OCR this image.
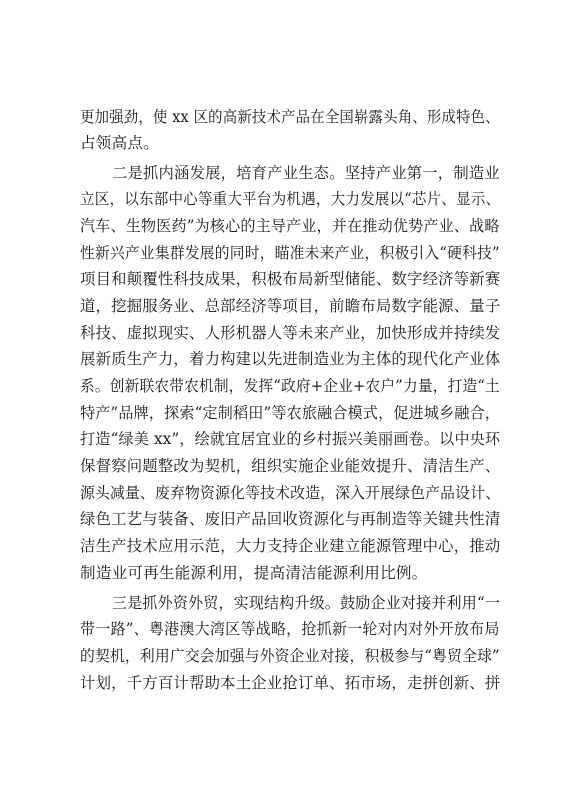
更加强劲，使 xx 区的高新技术产品在全国崭露头角、形成特色、
占领高点。
二是抓内涵发展，培育产业生态。坚持产业第一，制造业
立区，以东部中心等重大平台为机遇，大力发展以“芯片、显示、
汽车、生物医药”为核心的主导产业，并在推动优势产业、战略
性新兴产业集群发展的同时，瞄准未来产业，积极引入“硬科技”
项目和颠覆性科技成果，积极布局新型储能、数字经济等新赛
道，挖掘服务业、总部经济等项目，前瞻布局数字能源、量子
科技、虚拟现实、人形机器人等未来产业，加快形成并持续发
展新质生产力，着力构建以先进制造业为主体的现代化产业体
系。创新联农带农机制，发挥“政府+企业+农户”力量，打造“土
特产”品牌，探索“定制稻田”等农旅融合模式，促进城乡融合，
打造“绿美 xx”，绘就宜居宜业的乡村振兴美丽画卷。以中央环
保督察问题整改为契机，组织实施企业能效提升、清洁生产、
源头减量、废弃物资源化等技术改造，深入开展绿色产品设计、
绿色工艺与装备、废旧产品回收资源化与再制造等关键共性清
洁生产技术应用示范，大力支持企业建立能源管理中心，推动
制造业可再生能源利用，提高清洁能源利用比例。
三是抓外资外贸，实现结构升级。鼓励企业对接并利用“一
带一路”、粤港澳大湾区等战略，抢抓新一轮对内对外开放布局
的契机，利用广交会加强与外资企业对接，积极参与“粤贸全球”
计划，千方百计帮助本土企业抢订单、拓市场，走拼创新、拼
